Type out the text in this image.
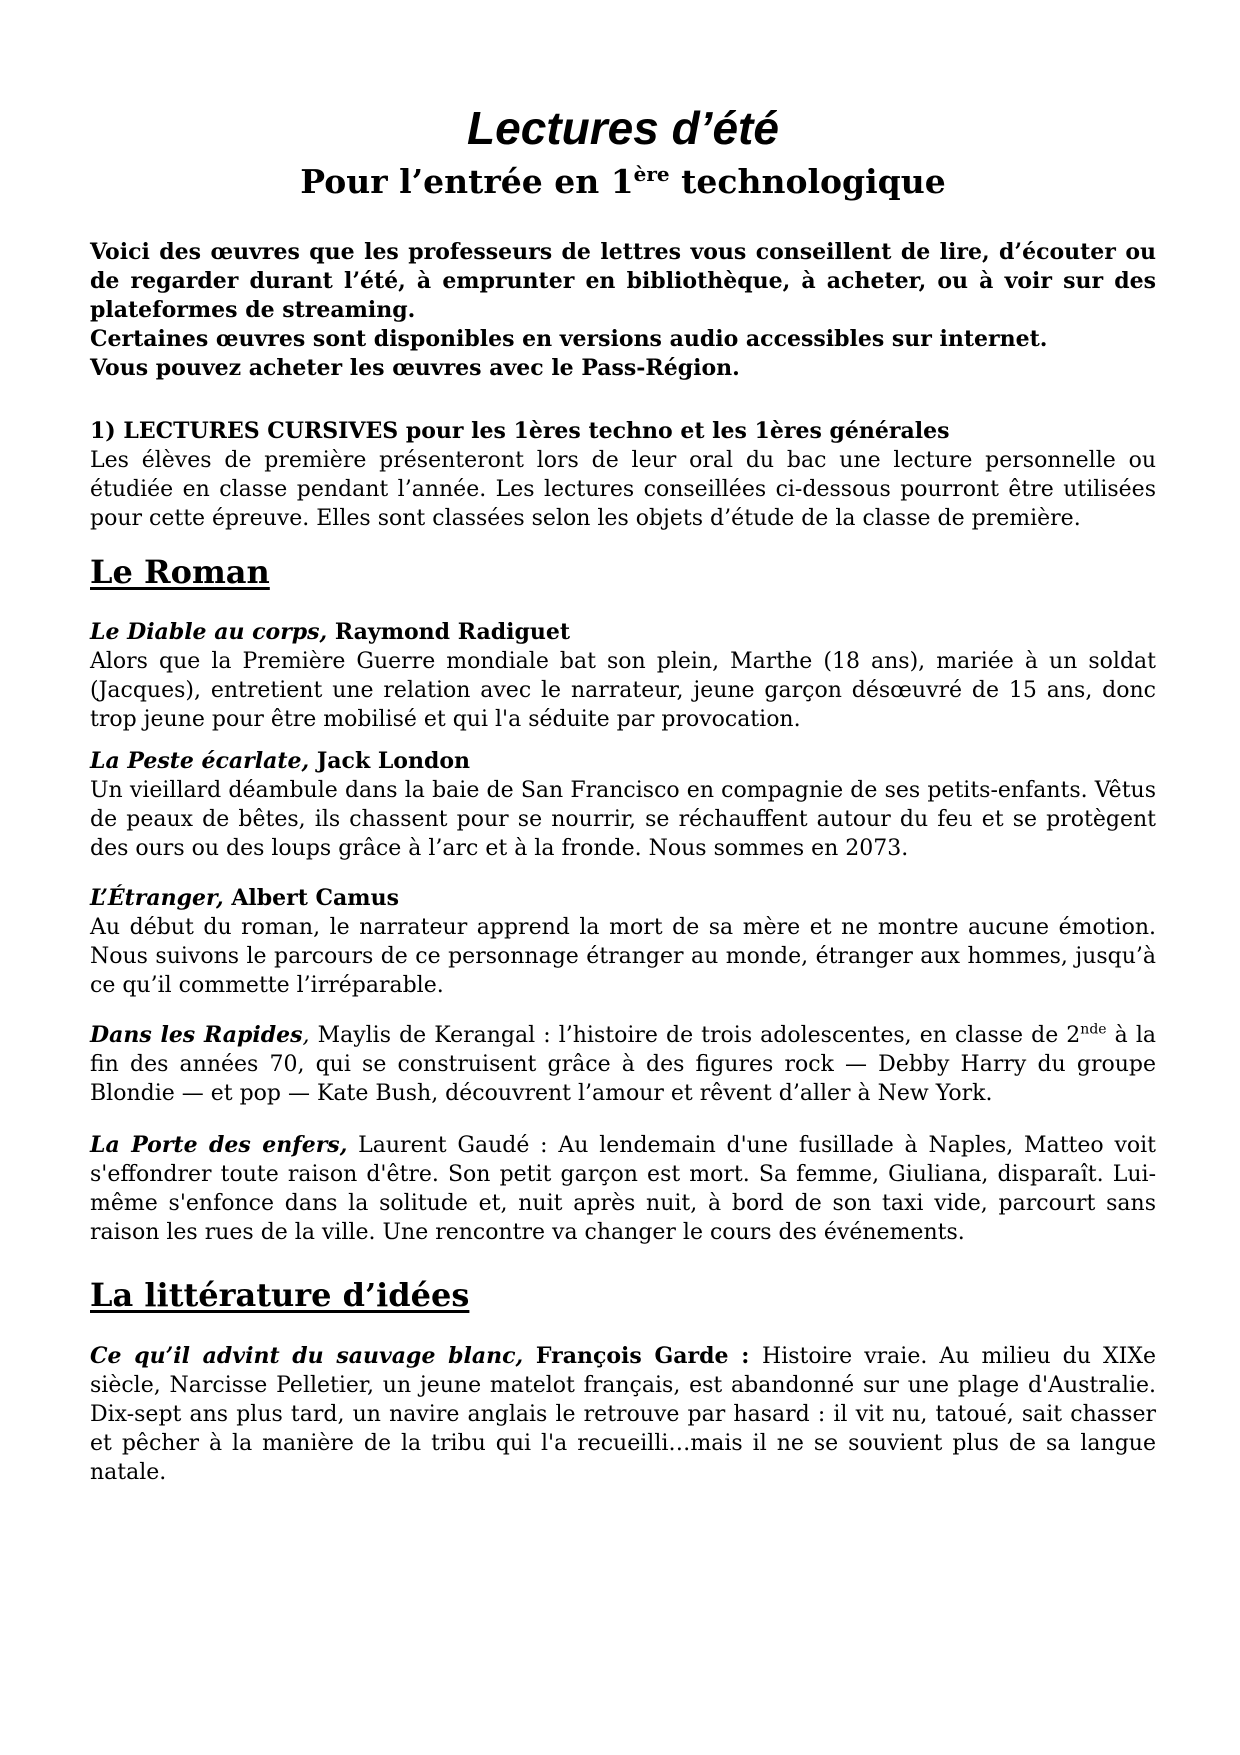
Lectures d’été
Pour l’entrée en 1ère technologique

Voici des œuvres que les professeurs de lettres vous conseillent de lire, d’écouter ou de regarder durant l’été, à emprunter en bibliothèque, à acheter, ou à voir sur des plateformes de streaming.

Certaines œuvres sont disponibles en versions audio accessibles sur internet.

Vous pouvez acheter les œuvres avec le Pass-Région.

1) LECTURES CURSIVES pour les 1ères techno et les 1ères générales

Les élèves de première présenteront lors de leur oral du bac une lecture personnelle ou étudiée en classe pendant l’année. Les lectures conseillées ci-dessous pourront être utilisées pour cette épreuve. Elles sont classées selon les objets d’étude de la classe de première.

Le Roman

Le Diable au corps, Raymond Radiguet

Alors que la Première Guerre mondiale bat son plein, Marthe (18 ans), mariée à un soldat (Jacques), entretient une relation avec le narrateur, jeune garçon désœuvré de 15 ans, donc trop jeune pour être mobilisé et qui l'a séduite par provocation.

La Peste écarlate, Jack London

Un vieillard déambule dans la baie de San Francisco en compagnie de ses petits-enfants. Vêtus de peaux de bêtes, ils chassent pour se nourrir, se réchauffent autour du feu et se protègent des ours ou des loups grâce à l’arc et à la fronde. Nous sommes en 2073.

L’Étranger, Albert Camus

Au début du roman, le narrateur apprend la mort de sa mère et ne montre aucune émotion. Nous suivons le parcours de ce personnage étranger au monde, étranger aux hommes, jusqu’à ce qu’il commette l’irréparable.

Dans les Rapides, Maylis de Kerangal : l’histoire de trois adolescentes, en classe de 2nde à la fin des années 70, qui se construisent grâce à des figures rock — Debby Harry du groupe Blondie — et pop — Kate Bush, découvrent l’amour et rêvent d’aller à New York.

La Porte des enfers, Laurent Gaudé : Au lendemain d'une fusillade à Naples, Matteo voit s'effondrer toute raison d'être. Son petit garçon est mort. Sa femme, Giuliana, disparaît. Lui-même s'enfonce dans la solitude et, nuit après nuit, à bord de son taxi vide, parcourt sans raison les rues de la ville. Une rencontre va changer le cours des événements.

La littérature d’idées

Ce qu’il advint du sauvage blanc, François Garde : Histoire vraie. Au milieu du XIXe siècle, Narcisse Pelletier, un jeune matelot français, est abandonné sur une plage d'Australie. Dix-sept ans plus tard, un navire anglais le retrouve par hasard : il vit nu, tatoué, sait chasser et pêcher à la manière de la tribu qui l'a recueilli…mais il ne se souvient plus de sa langue natale.
